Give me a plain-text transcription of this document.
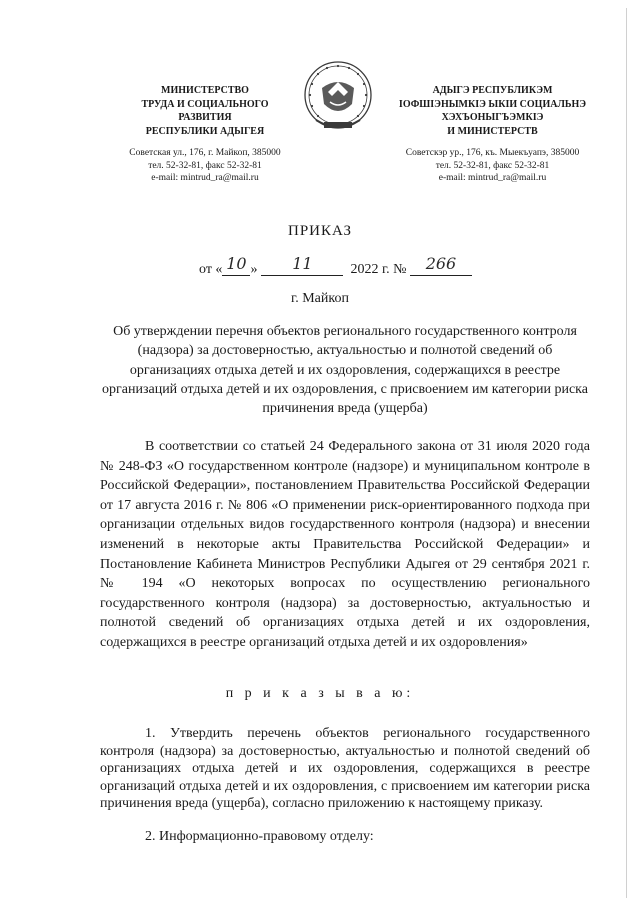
МИНИСТЕРСТВО
ТРУДА И СОЦИАЛЬНОГО
РАЗВИТИЯ
РЕСПУБЛИКИ АДЫГЕЯ
Советская ул., 176, г. Майкоп, 385000
тел. 52-32-81, факс 52-32-81
e-mail: mintrud_ra@mail.ru
АДЫГЭ РЕСПУБЛИКЭМ
IОФШIЭНЫМКIЭ ЫКIИ СОЦИАЛЬНЭ
ХЭХЪОНЫГЪЭМКIЭ
И МИНИСТЕРСТВ
Советскэр ур., 176, къ. Мыекъуапэ, 385000
тел. 52-32-81, факс 52-32-81
e-mail: mintrud_ra@mail.ru
ПРИКАЗ
от « 10 » 11	2022 г. № 266
г. Майкоп
Об утверждении перечня объектов регионального государственного контроля (надзора) за достоверностью, актуальностью и полнотой сведений об организациях отдыха детей и их оздоровления, содержащихся в реестре организаций отдыха детей и их оздоровления, с присвоением им категории риска причинения вреда (ущерба)
В соответствии со статьей 24 Федерального закона от 31 июля 2020 года № 248-ФЗ «О государственном контроле (надзоре) и муниципальном контроле в Российской Федерации», постановлением Правительства Российской Федерации от 17 августа 2016 г. № 806 «О применении риск-ориентированного подхода при организации отдельных видов государственного контроля (надзора) и внесении изменений в некоторые акты Правительства Российской Федерации» и Постановление Кабинета Министров Республики Адыгея от 29 сентября 2021 г. № 194 «О некоторых вопросах по осуществлению регионального государственного контроля (надзора) за достоверностью, актуальностью и полнотой сведений об организациях отдыха детей и их оздоровления, содержащихся в реестре организаций отдыха детей и их оздоровления»
п р и к а з ы в а ю:
1. Утвердить перечень объектов регионального государственного контроля (надзора) за достоверностью, актуальностью и полнотой сведений об организациях отдыха детей и их оздоровления, содержащихся в реестре организаций отдыха детей и их оздоровления, с присвоением им категории риска причинения вреда (ущерба), согласно приложению к настоящему приказу.
2. Информационно-правовому отделу:
